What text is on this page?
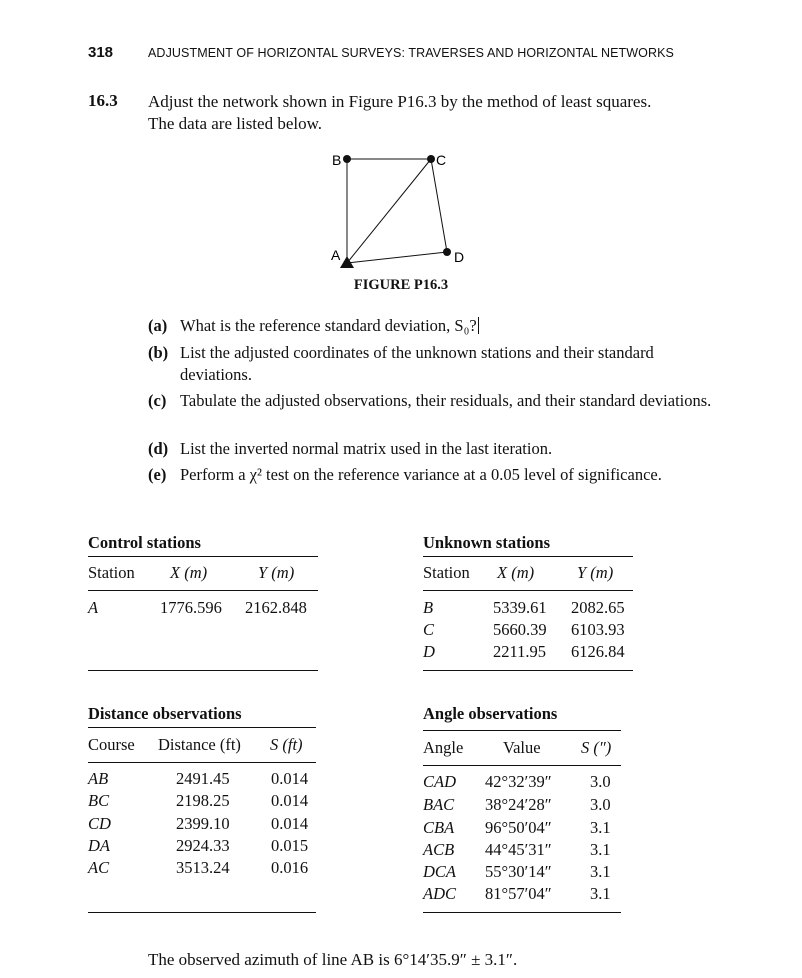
318	ADJUSTMENT OF HORIZONTAL SURVEYS: TRAVERSES AND HORIZONTAL NETWORKS
16.3 Adjust the network shown in Figure P16.3 by the method of least squares.
The data are listed below.
B	C
D
A
FIGURE P16.3
(a) What is the reference standard deviation, S₀?
(b) List the adjusted coordinates of the unknown stations and their standard deviations.
(c) Tabulate the adjusted observations, their residuals, and their standard deviations.
(d) List the inverted normal matrix used in the last iteration.
(e) Perform a χ² test on the reference variance at a 0.05 level of significance.
Control stations
Station X (m)	Y (m)
A	1776.596 2162.848
Unknown stations
Station X (m)	Y (m)
B	5339.61 2082.65
C	5660.39 6103.93
D	2211.95 6126.84
Distance observations
Course Distance (ft) S (ft)
AB	2491.45	0.014
BC	2198.25	0.014
CD	2399.10	0.014
DA	2924.33	0.015
AC	3513.24	0.016
Angle observations
Angle Value S (″)
CAD 42°32′39″ 3.0
BAC 38°24′28″ 3.0
CBA 96°50′04″ 3.1
ACB 44°45′31″ 3.1
DCA 55°30′14″ 3.1
ADC 81°57′04″ 3.1
The observed azimuth of line AB is 6°14′35.9″ ± 3.1″.
